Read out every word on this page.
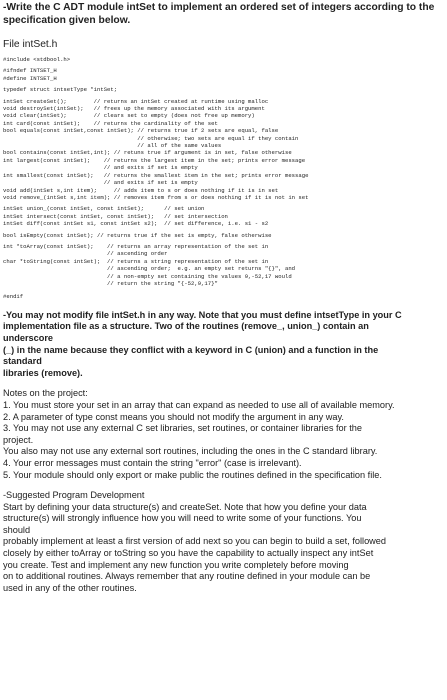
-Write the C ADT module intSet to implement an ordered set of integers according to the

specification given below.

File intSet.h
#include <stdbool.h>
#ifndef INTSET_H
#define INTSET_H
typedef struct intsetType *intSet;
intSet createSet();        // returns an intSet created at runtime using malloc
void destroySet(intSet);   // frees up the memory associated with its argument
void clear(intSet);        // clears set to empty (does not free up memory)
int card(const intSet);    // returns the cardinality of the set
bool equals(const intSet,const intSet); // returns true if 2 sets are equal, false
// otherwise; two sets are equal if they contain
// all of the same values
bool contains(const intSet,int); // retuns true if argument is in set, false otherwise
int largest(const intSet);    // returns the largest item in the set; prints error message
// and exits if set is empty
int smallest(const intSet);   // returns the smallest item in the set; prints error message
// and exits if set is empty
void add(intSet s,int item);     // adds item to s or does nothing if it is in set
void remove_(intSet s,int item); // removes item from s or does nothing if it is not in set
intSet union_(const intSet, const intSet);      // set union
intSet intersect(const intSet, const intSet);   // set intersection
intSet diff(const intSet s1, const intSet s2);  // set difference, i.e. s1 - s2
bool isEmpty(const intSet); // returns true if the set is empty, false otherwise
int *toArray(const intSet);    // returns an array representation of the set in
// ascending order
char *toString(const intSet);  // returns a string representation of the set in
// ascending order;  e.g. an empty set returns "{}", and
// a non-empty set containing the values 9,-52,17 would
// return the string "{-52,9,17}"
#endif

-You may not modify file intSet.h in any way. Note that you must define intsetType in your C

implementation file as a structure. Two of the routines (remove_, union_) contain an

underscore

(_) in the name because they conflict with a keyword in C (union) and a function in the

standard

libraries (remove).

Notes on the project:

1. You must store your set in an array that can expand as needed to use all of available memory.

2. A parameter of type const means you should not modify the argument in any way.

3. You may not use any external C set libraries, set routines, or container libraries for the

project.

You also may not use any external sort routines, including the ones in the C standard library.

4. Your error messages must contain the string "error" (case is irrelevant).

5. Your module should only export or make public the routines defined in the specification file.

-Suggested Program Development

Start by defining your data structure(s) and createSet. Note that how you define your data

structure(s) will strongly influence how you will need to write some of your functions. You

should

probably implement at least a first version of add next so you can begin to build a set, followed

closely by either toArray or toString so you have the capability to actually inspect any intSet

you create. Test and implement any new function you write completely before moving

on to additional routines. Always remember that any routine defined in your module can be

used in any of the other routines.
